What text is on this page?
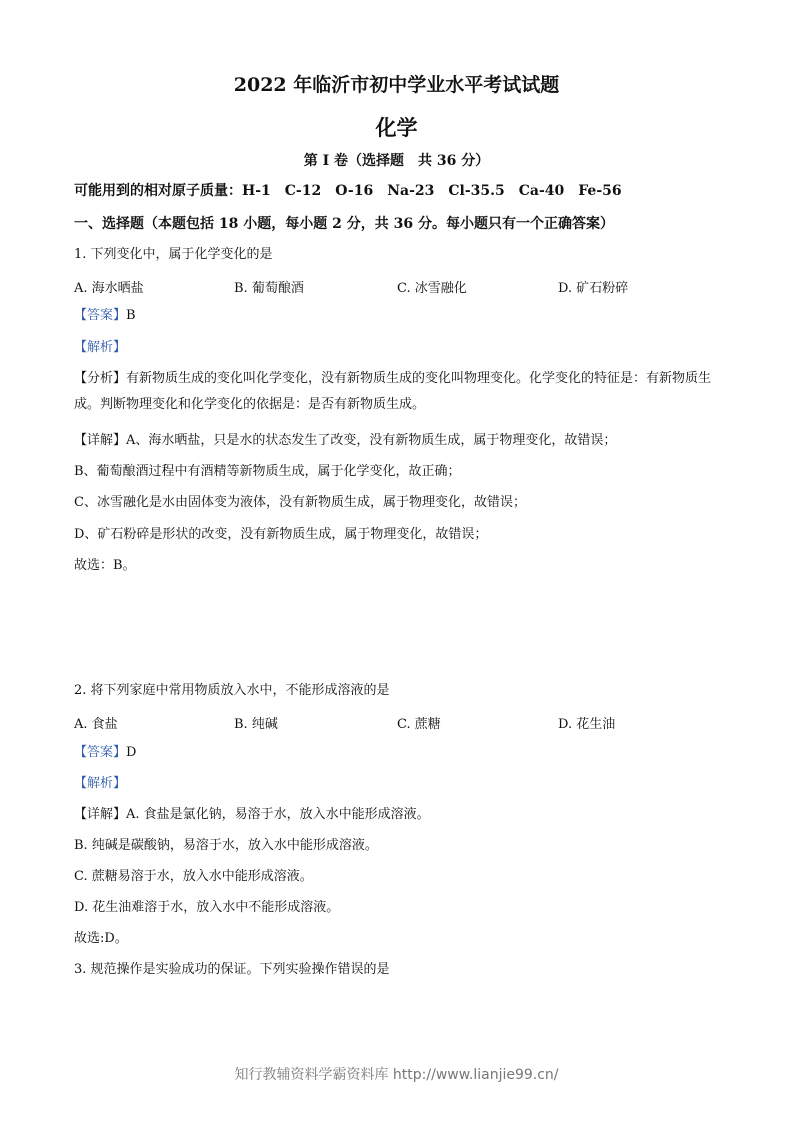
2022 年临沂市初中学业水平考试试题
化学
第 I 卷（选择题　共 36 分）
可能用到的相对原子质量：H-1　C-12　O-16　Na-23　Cl-35.5　Ca-40　Fe-56
一、选择题（本题包括 18 小题，每小题 2 分，共 36 分。每小题只有一个正确答案）
1. 下列变化中，属于化学变化的是
A. 海水晒盐	B. 葡萄酿酒	C. 冰雪融化	D. 矿石粉碎
【答案】B
【解析】
【分析】有新物质生成的变化叫化学变化，没有新物质生成的变化叫物理变化。化学变化的特征是：有新物质生成。判断物理变化和化学变化的依据是：是否有新物质生成。
【详解】A、海水晒盐，只是水的状态发生了改变，没有新物质生成，属于物理变化，故错误；
B、葡萄酿酒过程中有酒精等新物质生成，属于化学变化，故正确；
C、冰雪融化是水由固体变为液体，没有新物质生成，属于物理变化，故错误；
D、矿石粉碎是形状的改变，没有新物质生成，属于物理变化，故错误；
故选：B。
2. 将下列家庭中常用物质放入水中，不能形成溶液的是
A. 食盐	B. 纯碱	C. 蔗糖	D. 花生油
【答案】D
【解析】
【详解】A. 食盐是氯化钠，易溶于水，放入水中能形成溶液。
B. 纯碱是碳酸钠，易溶于水，放入水中能形成溶液。
C. 蔗糖易溶于水，放入水中能形成溶液。
D. 花生油难溶于水，放入水中不能形成溶液。
故选:D。
3. 规范操作是实验成功的保证。下列实验操作错误的是
知行教辅资料学霸资料库 http://www.lianjie99.cn/
